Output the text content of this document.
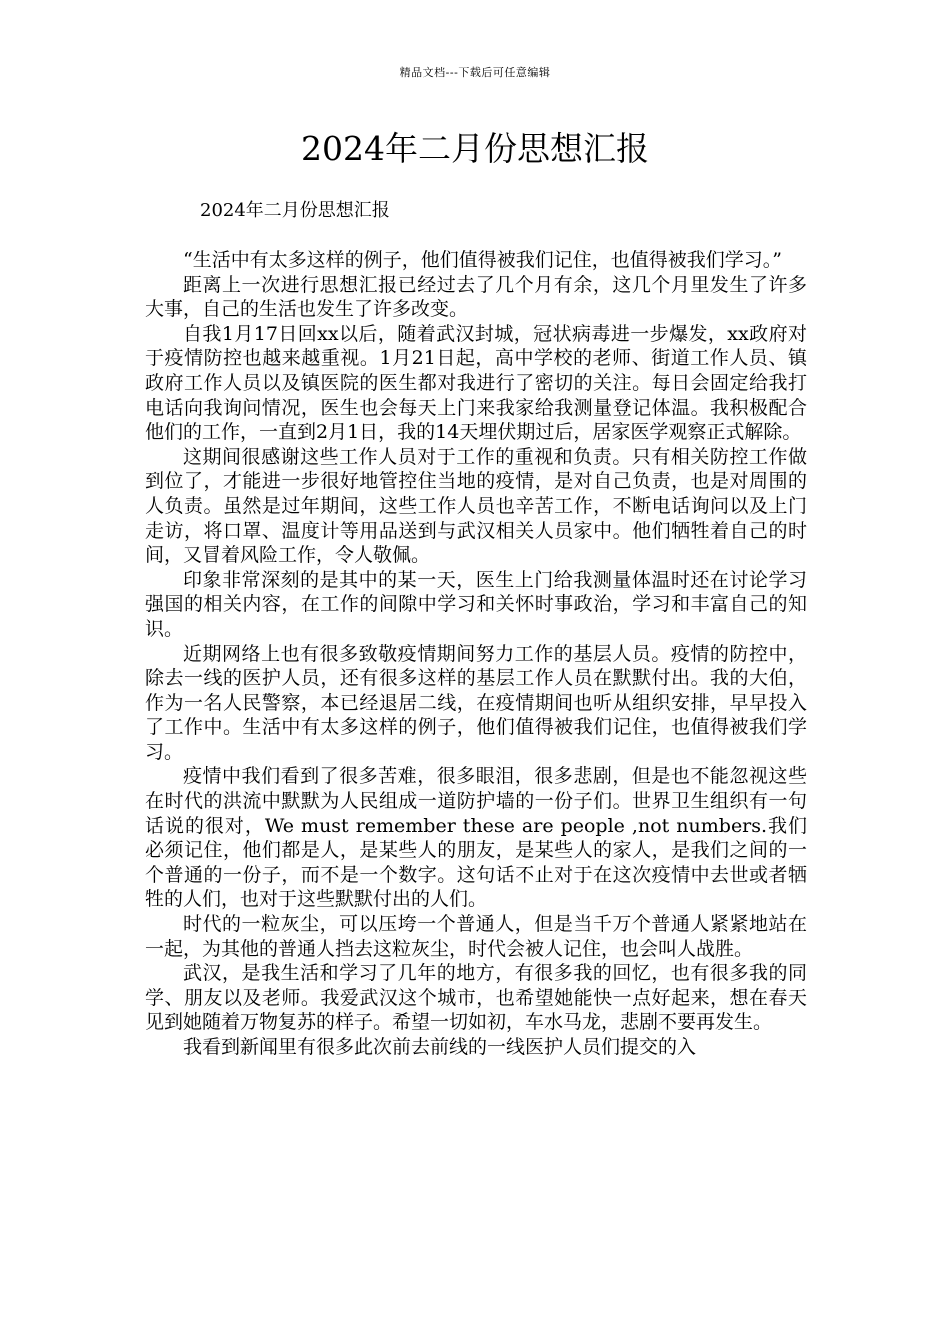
精品文档---下载后可任意编辑
2024年二月份思想汇报
2024年二月份思想汇报

“生活中有太多这样的例子，他们值得被我们记住，也值得被我们学习。”

距离上一次进行思想汇报已经过去了几个月有余，这几个月里发生了许多大事，自己的生活也发生了许多改变。

自我1月17日回xx以后，随着武汉封城，冠状病毒进一步爆发，xx政府对于疫情防控也越来越重视。1月21日起，高中学校的老师、街道工作人员、镇政府工作人员以及镇医院的医生都对我进行了密切的关注。每日会固定给我打电话向我询问情况，医生也会每天上门来我家给我测量登记体温。我积极配合他们的工作，一直到2月1日，我的14天埋伏期过后，居家医学观察正式解除。

这期间很感谢这些工作人员对于工作的重视和负责。只有相关防控工作做到位了，才能进一步很好地管控住当地的疫情，是对自己负责，也是对周围的人负责。虽然是过年期间，这些工作人员也辛苦工作，不断电话询问以及上门走访，将口罩、温度计等用品送到与武汉相关人员家中。他们牺牲着自己的时间，又冒着风险工作，令人敬佩。

印象非常深刻的是其中的某一天，医生上门给我测量体温时还在讨论学习强国的相关内容，在工作的间隙中学习和关怀时事政治，学习和丰富自己的知识。

近期网络上也有很多致敬疫情期间努力工作的基层人员。疫情的防控中，除去一线的医护人员，还有很多这样的基层工作人员在默默付出。我的大伯，作为一名人民警察，本已经退居二线，在疫情期间也听从组织安排，早早投入了工作中。生活中有太多这样的例子，他们值得被我们记住，也值得被我们学习。

疫情中我们看到了很多苦难，很多眼泪，很多悲剧，但是也不能忽视这些在时代的洪流中默默为人民组成一道防护墙的一份子们。世界卫生组织有一句话说的很对，We must remember these are people ,not numbers.我们必须记住，他们都是人，是某些人的朋友，是某些人的家人，是我们之间的一个普通的一份子，而不是一个数字。这句话不止对于在这次疫情中去世或者牺牲的人们，也对于这些默默付出的人们。

时代的一粒灰尘，可以压垮一个普通人，但是当千万个普通人紧紧地站在一起，为其他的普通人挡去这粒灰尘，时代会被人记住，也会叫人战胜。

武汉，是我生活和学习了几年的地方，有很多我的回忆，也有很多我的同学、朋友以及老师。我爱武汉这个城市，也希望她能快一点好起来，想在春天见到她随着万物复苏的样子。希望一切如初，车水马龙，悲剧不要再发生。

我看到新闻里有很多此次前去前线的一线医护人员们提交的入
